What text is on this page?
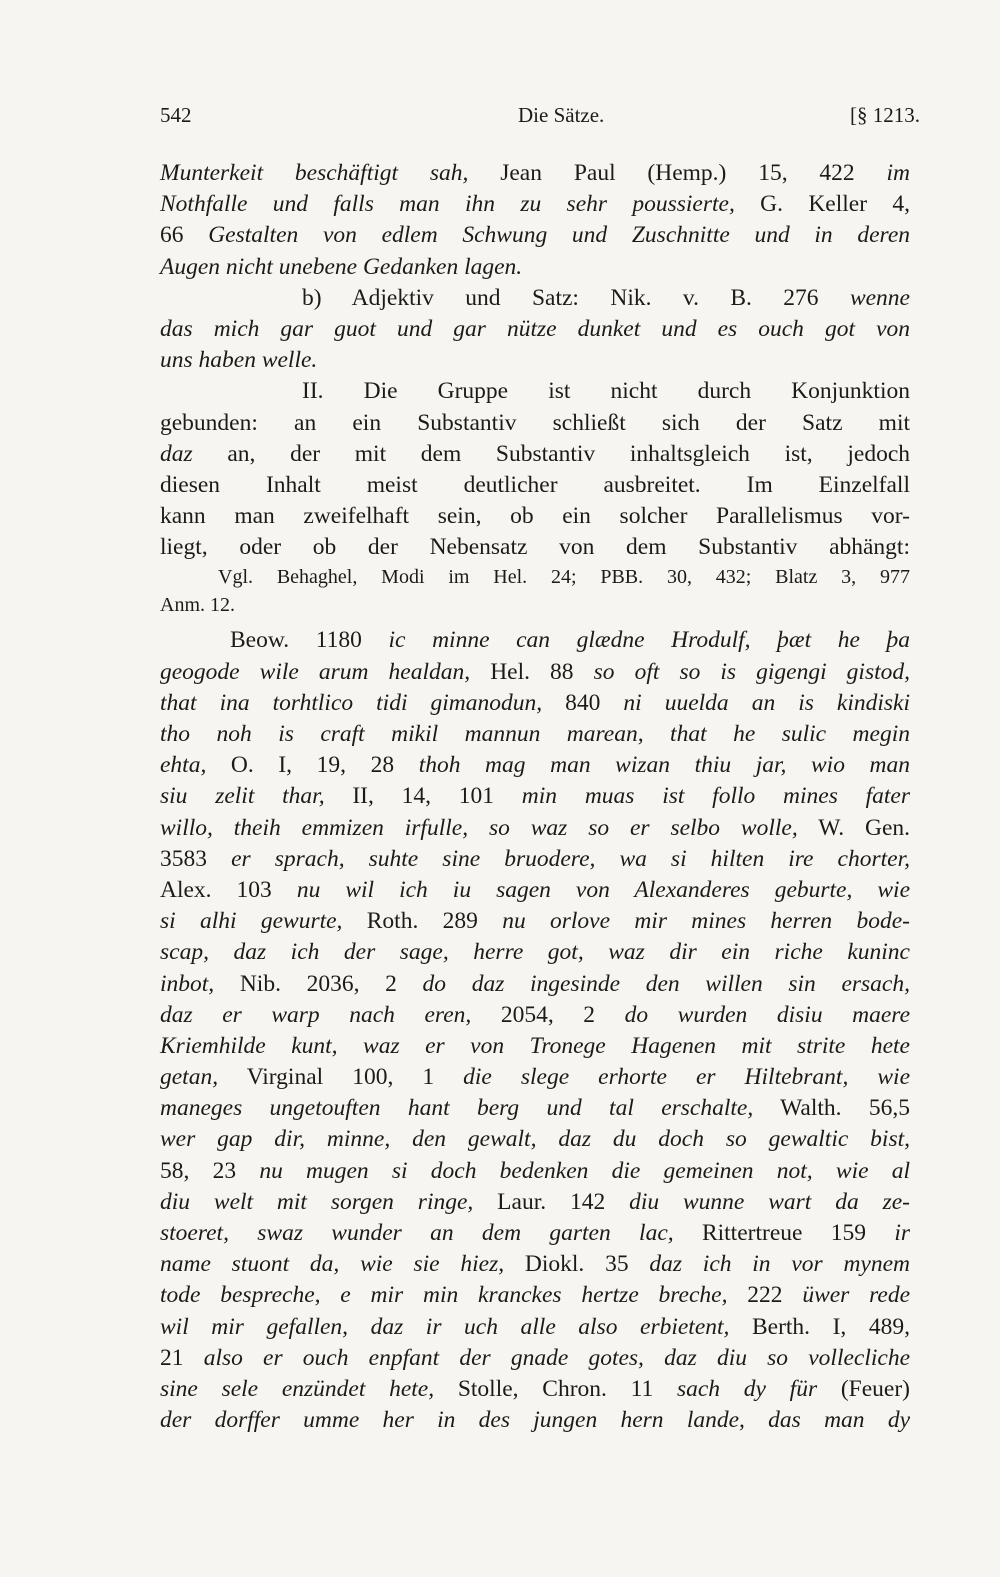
542	Die Sätze.	[§ 1213.
Munterkeit beschäftigt sah, Jean Paul (Hemp.) 15, 422 im
Nothfalle und falls man ihn zu sehr poussierte, G. Keller 4,
66 Gestalten von edlem Schwung und Zuschnitte und in deren
Augen nicht unebene Gedanken lagen.
b) Adjektiv und Satz: Nik. v. B. 276 wenne
das mich gar guot und gar nütze dunket und es ouch got von
uns haben welle.
II. Die Gruppe ist nicht durch Konjunktion
gebunden: an ein Substantiv schließt sich der Satz mit
daz an, der mit dem Substantiv inhaltsgleich ist, jedoch
diesen Inhalt meist deutlicher ausbreitet. Im Einzelfall
kann man zweifelhaft sein, ob ein solcher Parallelismus vor-
liegt, oder ob der Nebensatz von dem Substantiv abhängt:
Vgl. Behaghel, Modi im Hel. 24; PBB. 30, 432; Blatz 3, 977
Anm. 12.
Beow. 1180 ic minne can glædne Hrodulf, þæt he þa
geogode wile arum healdan, Hel. 88 so oft so is gigengi gistod,
that ina torhtlico tidi gimanodun, 840 ni uuelda an is kindiski
tho noh is craft mikil mannun marean, that he sulic megin
ehta, O. I, 19, 28 thoh mag man wizan thiu jar, wio man
siu zelit thar, II, 14, 101 min muas ist follo mines fater
willo, theih emmizen irfulle, so waz so er selbo wolle, W. Gen.
3583 er sprach, suhte sine bruodere, wa si hilten ire chorter,
Alex. 103 nu wil ich iu sagen von Alexanderes geburte, wie
si alhi gewurte, Roth. 289 nu orlove mir mines herren bode-
scap, daz ich der sage, herre got, waz dir ein riche kuninc
inbot, Nib. 2036, 2 do daz ingesinde den willen sin ersach,
daz er warp nach eren, 2054, 2 do wurden disiu maere
Kriemhilde kunt, waz er von Tronege Hagenen mit strite hete
getan, Virginal 100, 1 die slege erhorte er Hiltebrant, wie
maneges ungetouften hant berg und tal erschalte, Walth. 56,5
wer gap dir, minne, den gewalt, daz du doch so gewaltic bist,
58, 23 nu mugen si doch bedenken die gemeinen not, wie al
diu welt mit sorgen ringe, Laur. 142 diu wunne wart da ze-
stoeret, swaz wunder an dem garten lac, Rittertreue 159 ir
name stuont da, wie sie hiez, Diokl. 35 daz ich in vor mynem
tode bespreche, e mir min kranckes hertze breche, 222 üwer rede
wil mir gefallen, daz ir uch alle also erbietent, Berth. I, 489,
21 also er ouch enpfant der gnade gotes, daz diu so vollecliche
sine sele enzündet hete, Stolle, Chron. 11 sach dy für (Feuer)
der dorffer umme her in des jungen hern lande, das man dy
